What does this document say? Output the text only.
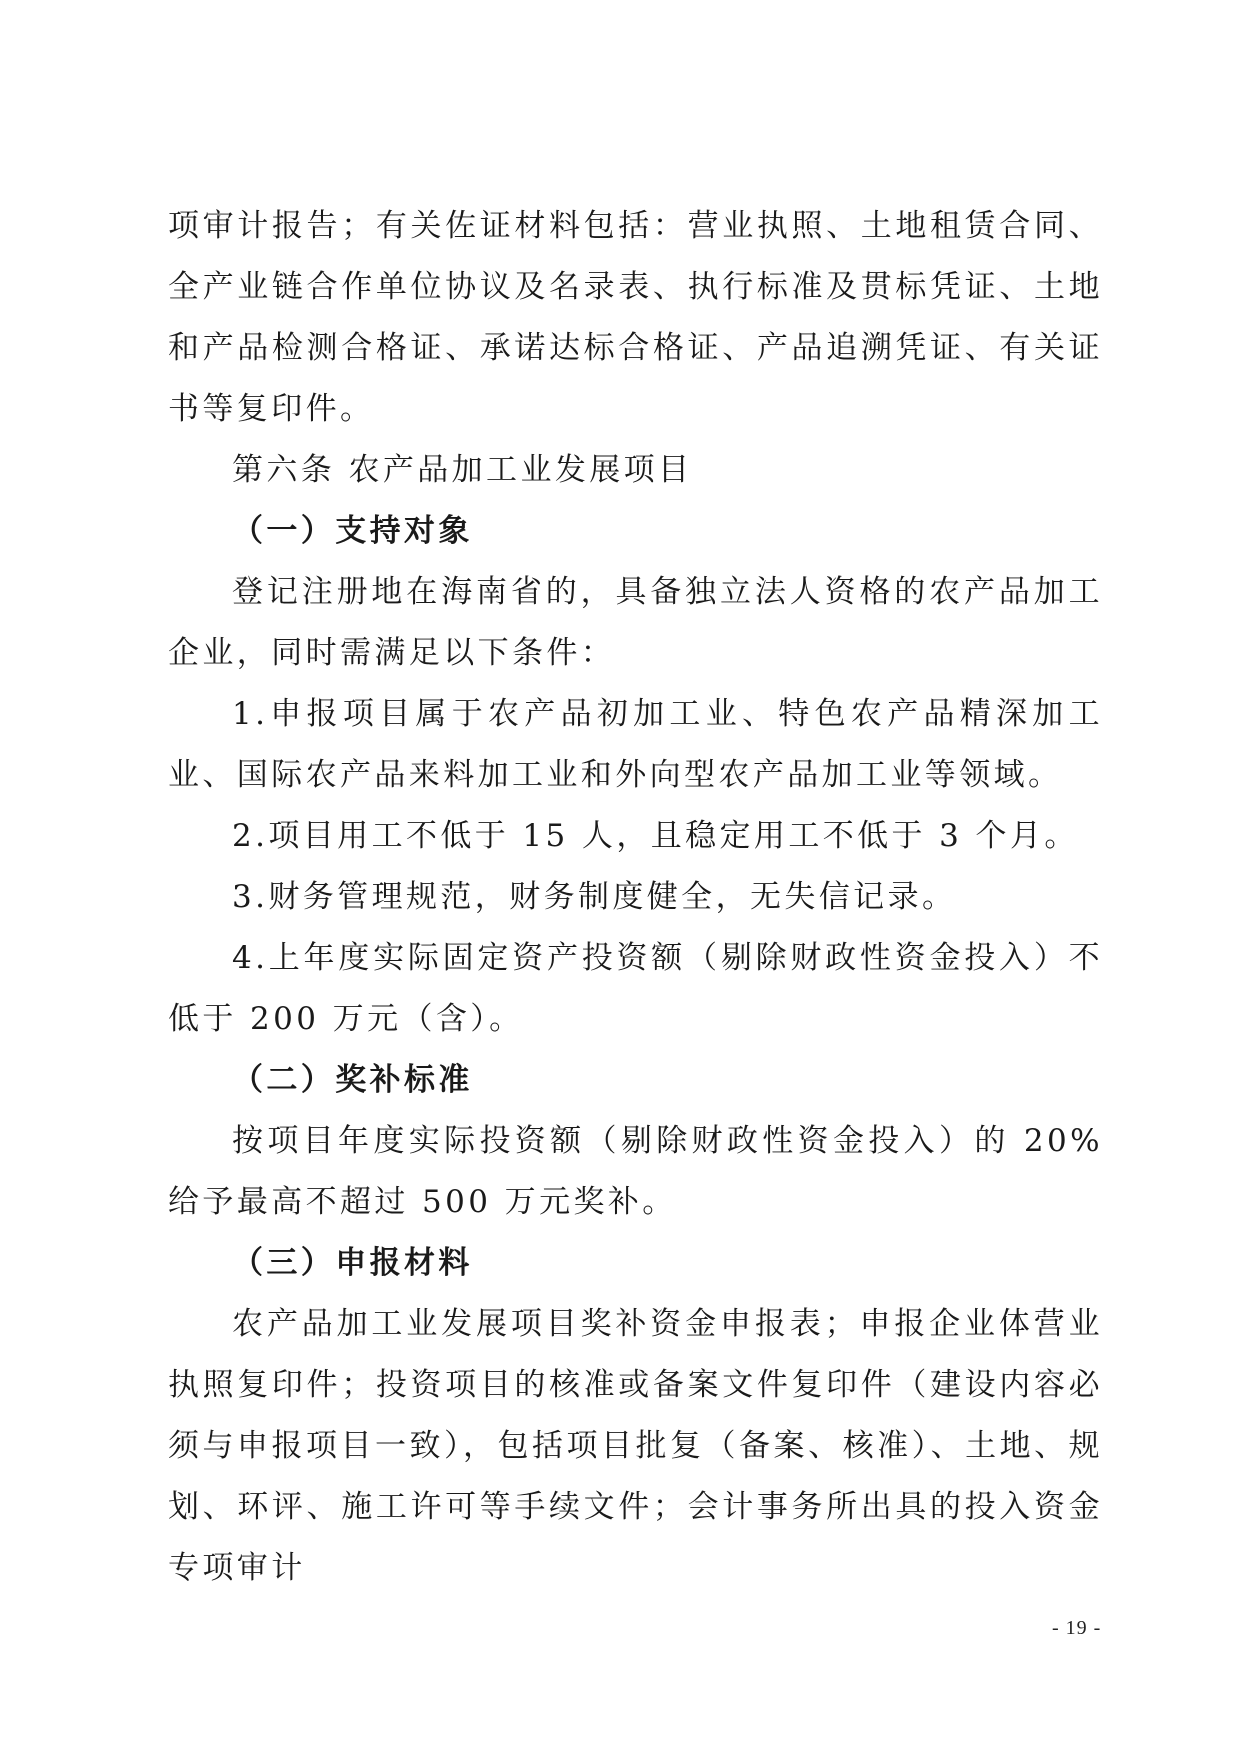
项审计报告；有关佐证材料包括：营业执照、土地租赁合同、全产业链合作单位协议及名录表、执行标准及贯标凭证、土地和产品检测合格证、承诺达标合格证、产品追溯凭证、有关证书等复印件。

第六条 农产品加工业发展项目

（一）支持对象

登记注册地在海南省的，具备独立法人资格的农产品加工企业，同时需满足以下条件：

1.申报项目属于农产品初加工业、特色农产品精深加工业、国际农产品来料加工业和外向型农产品加工业等领域。

2.项目用工不低于 15 人，且稳定用工不低于 3 个月。

3.财务管理规范，财务制度健全，无失信记录。

4.上年度实际固定资产投资额（剔除财政性资金投入）不低于 200 万元（含）。

（二）奖补标准

按项目年度实际投资额（剔除财政性资金投入）的 20%给予最高不超过 500 万元奖补。

（三）申报材料

农产品加工业发展项目奖补资金申报表；申报企业体营业执照复印件；投资项目的核准或备案文件复印件（建设内容必须与申报项目一致），包括项目批复（备案、核准）、土地、规划、环评、施工许可等手续文件；会计事务所出具的投入资金专项审计

- 19 -
